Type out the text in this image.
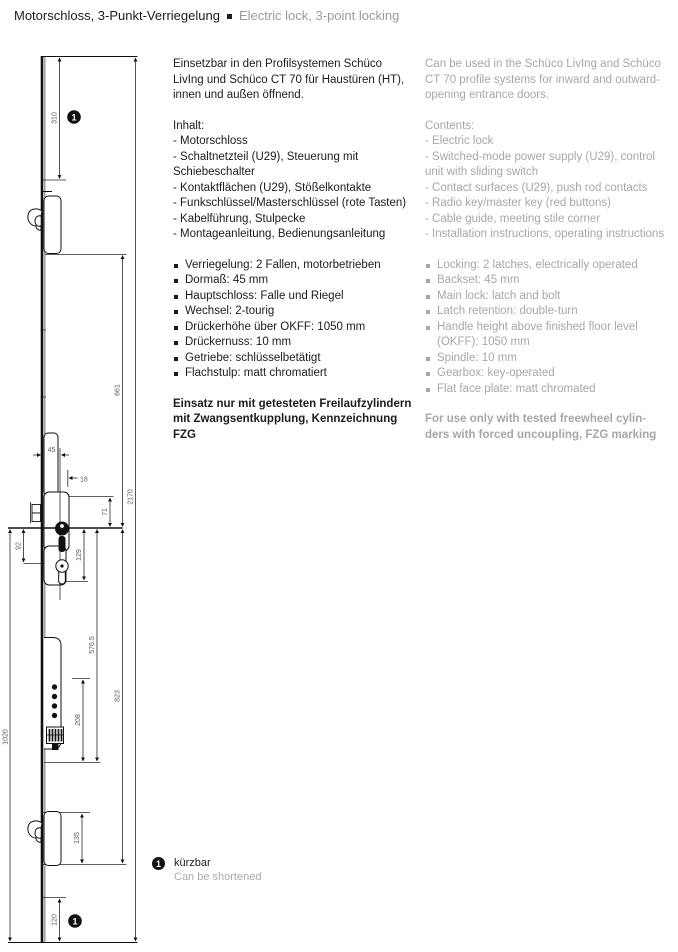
Motorschloss, 3-Punkt-Verriegelung Electric lock, 3-point locking
310
661
2170
45
18
71
92
129
576.5
823
208
1020
135
120
1
1

Einsetzbar in den Profilsystemen Schüco LivIng und Schüco CT 70 für Haustüren (HT), innen und außen öffnend.

Inhalt:
- Motorschloss
- Schaltnetzteil (U29), Steuerung mit Schiebeschalter
- Kontaktflächen (U29), Stößelkontakte
- Funkschlüssel/Masterschlüssel (rote Tasten)
- Kabelführung, Stulpecke
- Montageanleitung, Bedienungsanleitung
Verriegelung: 2 Fallen, motorbetrieben
Dormaß: 45 mm
Hauptschloss: Falle und Riegel
Wechsel: 2-tourig
Drückerhöhe über OKFF: 1050 mm
Drückernuss: 10 mm
Getriebe: schlüsselbetätigt
Flachstulp: matt chromatiert

Einsatz nur mit getesteten Freilaufzylindern mit Zwangsentkupplung, Kennzeichnung FZG

Can be used in the Schüco LivIng and Schüco CT 70 profile systems for inward and outward-opening entrance doors.

Contents:
- Electric lock
- Switched-mode power supply (U29), control unit with sliding switch
- Contact surfaces (U29), push rod contacts
- Radio key/master key (red buttons)
- Cable guide, meeting stile corner
- Installation instructions, operating instructions
Locking: 2 latches, electrically operated
Backset: 45 mm
Main lock: latch and bolt
Latch retention: double-turn
Handle height above finished floor level (OKFF): 1050 mm
Spindle: 10 mm
Gearbox: key-operated
Flat face plate: matt chromated

For use only with tested freewheel cylinders with forced uncoupling, FZG marking

1	kürzbar
Can be shortened
